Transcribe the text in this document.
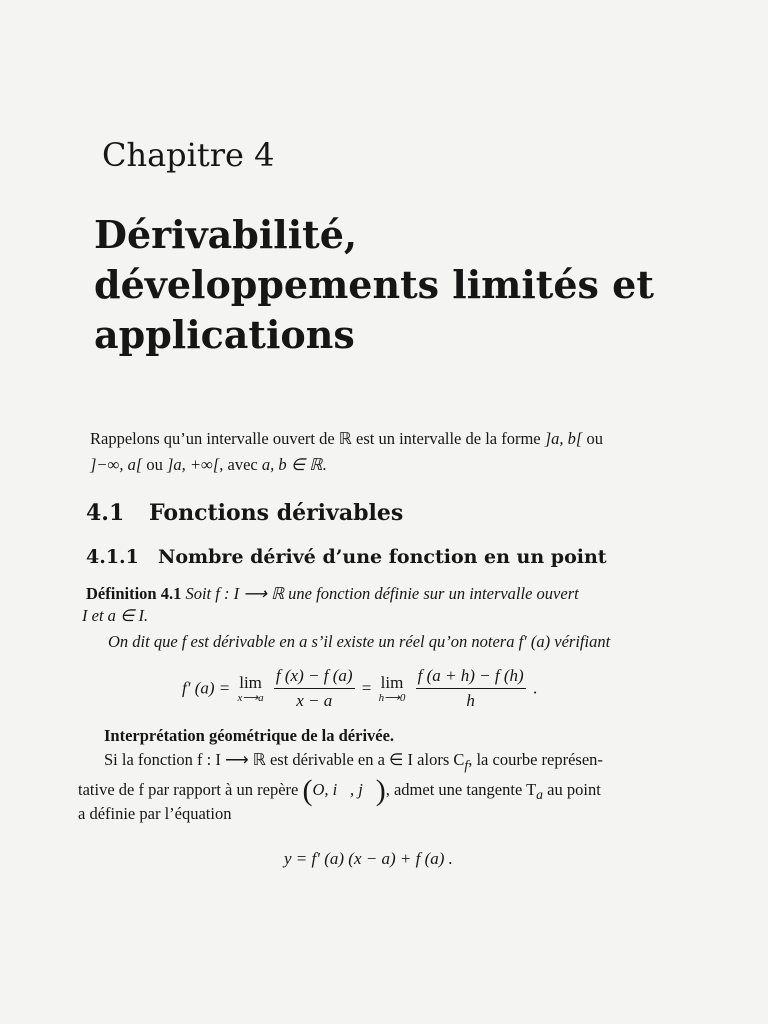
Chapitre 4
Dérivabilité,
développements limités et
applications
Rappelons qu’un intervalle ouvert de ℝ est un intervalle de la forme ]a, b[ ou
]−∞, a[ ou ]a, +∞[, avec a, b ∈ ℝ.
4.1 Fonctions dérivables
4.1.1 Nombre dérivé d’une fonction en un point
Définition 4.1 Soit f : I ⟶ ℝ une fonction définie sur un intervalle ouvert
I et a ∈ I.
On dit que f est dérivable en a s’il existe un réel qu’on notera f′ (a) vérifiant
f′ (a) = lim
x⟶a
$\frac{f (x) - f (a)}{x - a} = \lim$
h⟶0
$\frac{f (a + h) - f (h)}{h}$ .
Interprétation géométrique de la dérivée.
Si la fonction f : I ⟶ ℝ est dérivable en a ∈ I alors $C_f$, la courbe représen-
tative de f par rapport à un repère (O, i⃗, j⃗), admet une tangente $T_a$ au point
a définie par l’équation
y = f′ (a) (x − a) + f (a) .
